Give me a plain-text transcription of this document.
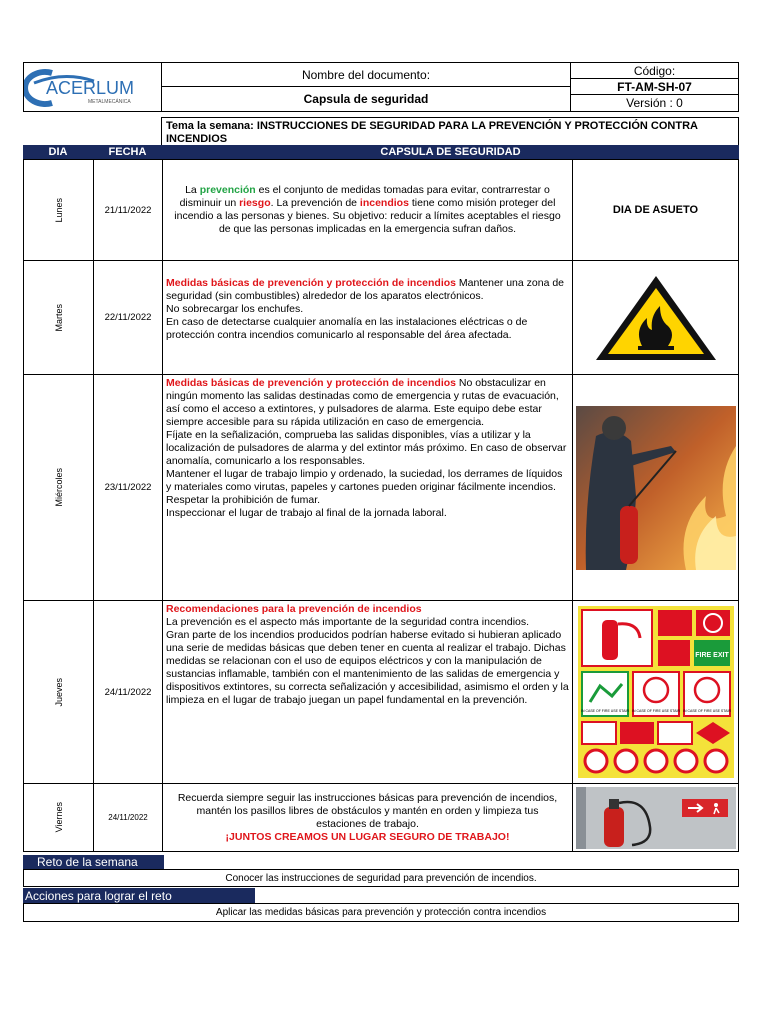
ACERLUM
METALMECÁNICA
Nombre del documento:
Capsula de seguridad
Código:
FT-AM-SH-07
Versión : 0
Tema la semana: INSTRUCCIONES DE SEGURIDAD PARA LA PREVENCIÓN Y PROTECCIÓN CONTRA INCENDIOS
DIA	FECHA	CAPSULA DE SEGURIDAD
Lunes	21/11/2022
La prevención es el conjunto de medidas tomadas para evitar, contrarrestar o disminuir un riesgo. La prevención de incendios tiene como misión proteger del incendio a las personas y bienes. Su objetivo: reducir a límites aceptables el riesgo de que las personas implicadas en la emergencia sufran daños.
DIA DE ASUETO
Martes	22/11/2022
Medidas básicas de prevención y protección de incendios Mantener una zona de seguridad (sin combustibles) alrededor de los aparatos electrónicos.
No sobrecargar los enchufes.
En caso de detectarse cualquier anomalía en las instalaciones eléctricas o de protección contra incendios comunicarlo al responsable del área afectada.
Miércoles	23/11/2022
Medidas básicas de prevención y protección de incendios No obstaculizar en ningún momento las salidas destinadas como de emergencia y rutas de evacuación, así como el acceso a extintores, y pulsadores de alarma. Este equipo debe estar siempre accesible para su rápida utilización en caso de emergencia.
Fíjate en la señalización, comprueba las salidas disponibles, vías a utilizar y la localización de pulsadores de alarma y del extintor más próximo. En caso de observar anomalía, comunicarlo a los responsables.
Mantener el lugar de trabajo limpio y ordenado, la suciedad, los derrames de líquidos y materiales como virutas, papeles y cartones pueden originar fácilmente incendios.
Respetar la prohibición de fumar.
Inspeccionar el lugar de trabajo al final de la jornada laboral.
Jueves	24/11/2022
Recomendaciones para la prevención de incendios
La prevención es el aspecto más importante de la seguridad contra incendios.
Gran parte de los incendios producidos podrían haberse evitado si hubieran aplicado una serie de medidas básicas que deben tener en cuenta al realizar el trabajo. Dichas medidas se relacionan con el uso de equipos eléctricos y con la manipulación de sustancias inflamable, también con el mantenimiento de las salidas de emergencia y dispositivos extintores, su correcta señalización y accesibilidad, asimismo el orden y la limpieza en el lugar de trabajo juegan un papel fundamental en la prevención.
FIRE EXIT
IN CASE OF FIRE USE STAIR IN CASE OF FIRE USE STAIR IN CASE OF FIRE USE STAIR
Viernes	24/11/2022
Recuerda siempre seguir las instrucciones básicas para prevención de incendios, mantén los pasillos libres de obstáculos y mantén en orden y limpieza tus estaciones de trabajo.
¡JUNTOS CREAMOS UN LUGAR SEGURO DE TRABAJO!
Reto de la semana
Conocer las instrucciones de seguridad para prevención de incendios.
Acciones para lograr el reto
Aplicar las medidas básicas para prevención y protección contra incendios
